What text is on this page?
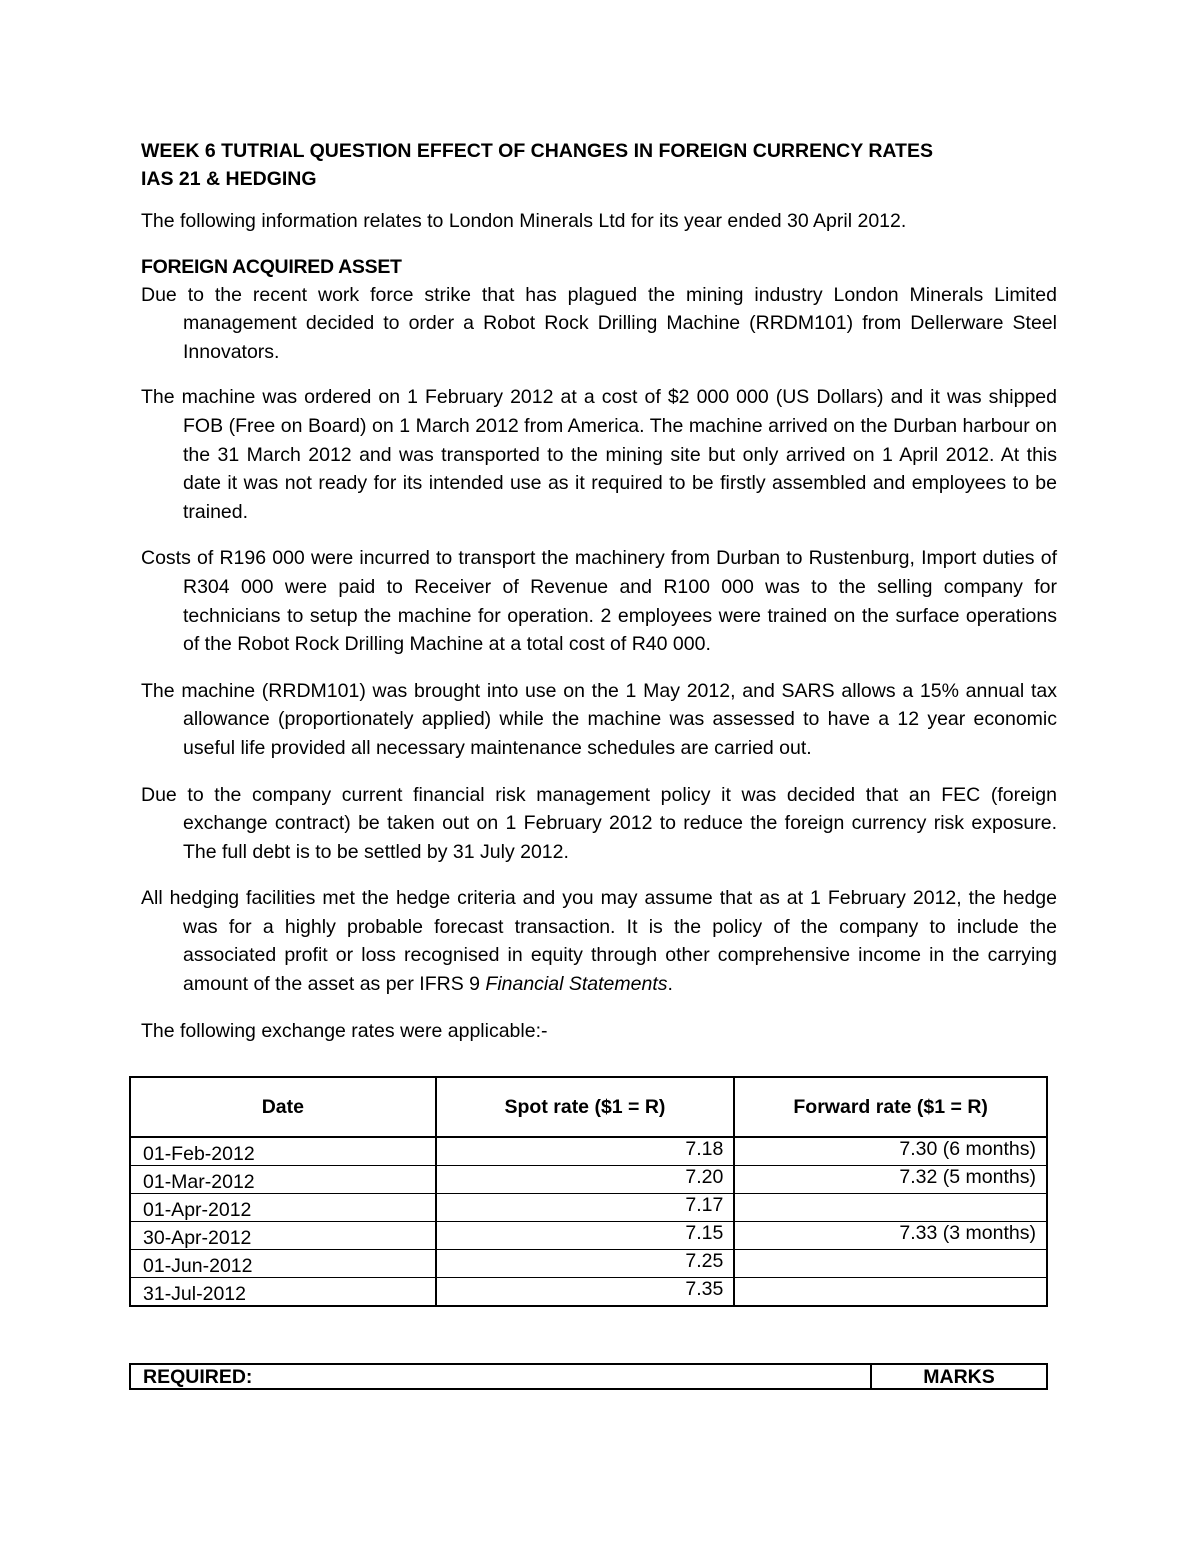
WEEK 6 TUTRIAL QUESTION EFFECT OF CHANGES IN FOREIGN CURRENCY RATES

IAS 21 & HEDGING

The following information relates to London Minerals Ltd for its year ended 30 April 2012.

FOREIGN ACQUIRED ASSET

Due to the recent work force strike that has plagued the mining industry London Minerals Limited management decided to order a Robot Rock Drilling Machine (RRDM101) from Dellerware Steel Innovators.

The machine was ordered on 1 February 2012 at a cost of $2 000 000 (US Dollars) and it was shipped FOB (Free on Board) on 1 March 2012 from America. The machine arrived on the Durban harbour on the 31 March 2012 and was transported to the mining site but only arrived on 1 April 2012. At this date it was not ready for its intended use as it required to be firstly assembled and employees to be trained.

Costs of R196 000 were incurred to transport the machinery from Durban to Rustenburg, Import duties of R304 000 were paid to Receiver of Revenue and R100 000 was to the selling company for technicians to setup the machine for operation. 2 employees were trained on the surface operations of the Robot Rock Drilling Machine at a total cost of R40 000.

The machine (RRDM101) was brought into use on the 1 May 2012, and SARS allows a 15% annual tax allowance (proportionately applied) while the machine was assessed to have a 12 year economic useful life provided all necessary maintenance schedules are carried out.

Due to the company current financial risk management policy it was decided that an FEC (foreign exchange contract) be taken out on 1 February 2012 to reduce the foreign currency risk exposure. The full debt is to be settled by 31 July 2012.

All hedging facilities met the hedge criteria and you may assume that as at 1 February 2012, the hedge was for a highly probable forecast transaction. It is the policy of the company to include the associated profit or loss recognised in equity through other comprehensive income in the carrying amount of the asset as per IFRS 9 Financial Statements.

The following exchange rates were applicable:-

Date	Spot rate ($1 = R)	Forward rate ($1 = R)
01-Feb-2012	7.18	7.30 (6 months)
01-Mar-2012	7.20	7.32 (5 months)
01-Apr-2012	7.17	
30-Apr-2012	7.15	7.33 (3 months)
01-Jun-2012	7.25	
31-Jul-2012	7.35	
REQUIRED:	MARKS
